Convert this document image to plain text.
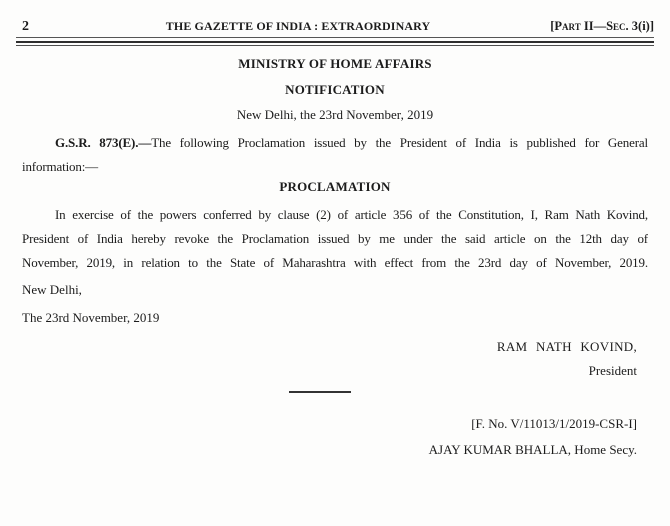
2	THE GAZETTE OF INDIA : EXTRAORDINARY	[Part II—Sec. 3(i)]
MINISTRY OF HOME AFFAIRS
NOTIFICATION
New Delhi, the 23rd November, 2019
G.S.R. 873(E).—The following Proclamation issued by the President of India is published for General
information:—
PROCLAMATION
In exercise of the powers conferred by clause (2) of article 356 of the Constitution, I, Ram Nath Kovind,
President of India hereby revoke the Proclamation issued by me under the said article on the 12th day of
November, 2019, in relation to the State of Maharashtra with effect from the 23rd day of November, 2019.
New Delhi,
The 23rd November, 2019
RAM NATH KOVIND,
President
[F. No. V/11013/1/2019-CSR-I]
AJAY KUMAR BHALLA, Home Secy.
